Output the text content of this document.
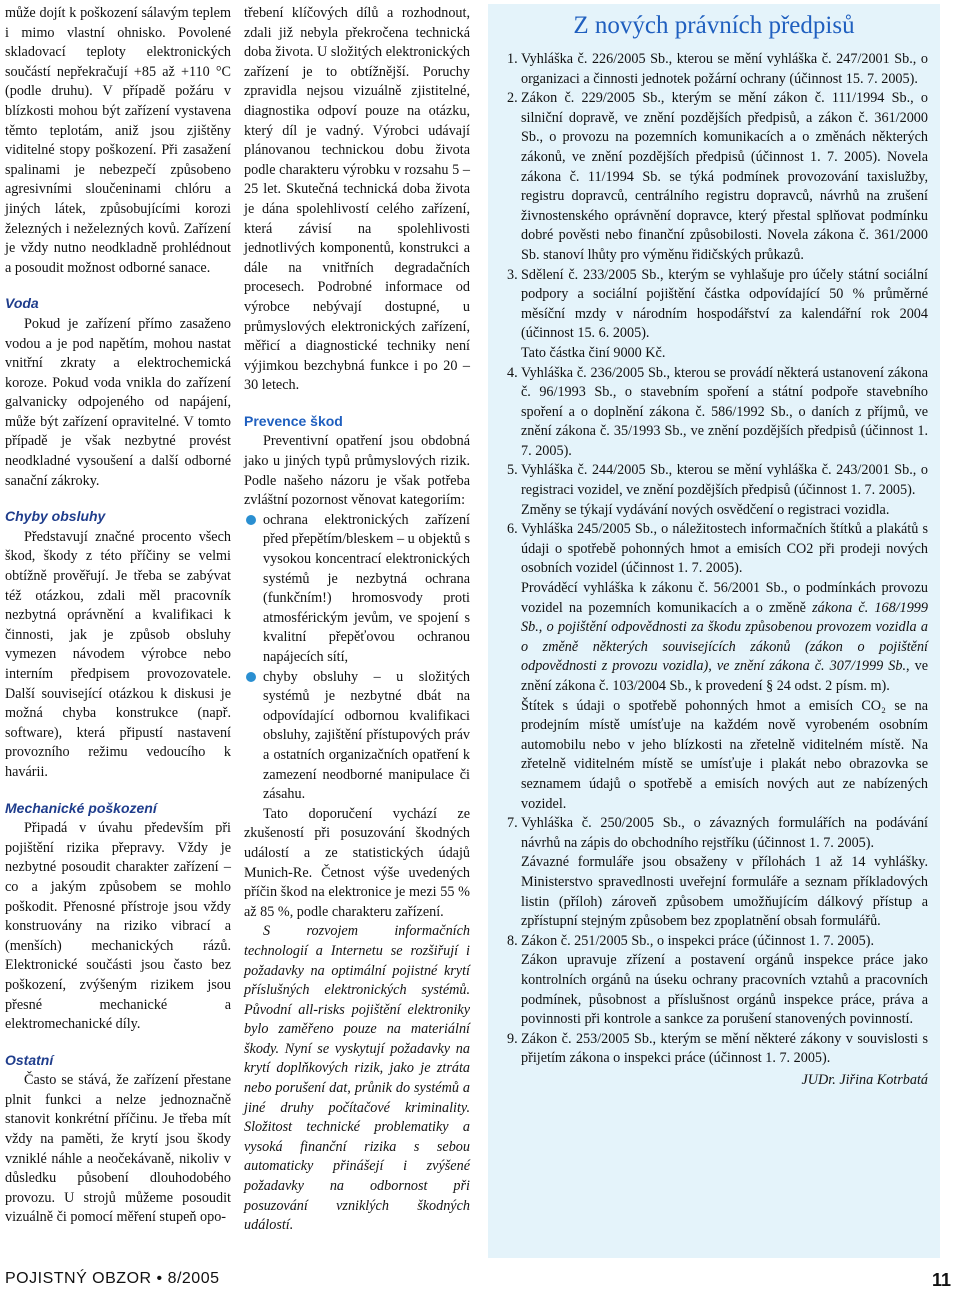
může dojít k poškození sálavým teplem i mimo vlastní ohnisko. Povolené skladovací teploty elektronických součástí nepřekračují +85 až +110 °C (podle druhu). V případě požáru v blízkosti mohou být zařízení vystavena těmto teplotám, aniž jsou zjištěny viditelné stopy poškození. Při zasažení spalinami je nebezpečí způsobeno agresivními sloučeninami chlóru a jiných látek, způsobujícími korozi železných i neželezných kovů. Zařízení je vždy nutno neodkladně prohlédnout a posoudit možnost odborné sanace.

Voda

Pokud je zařízení přímo zasaženo vodou a je pod napětím, mohou nastat vnitřní zkraty a elektrochemická koroze. Pokud voda vnikla do zařízení galvanicky odpojeného od napájení, může být zařízení opravitelné. V tomto případě je však nezbytné provést neodkladné vysoušení a další odborné sanační zákroky.

Chyby obsluhy

Představují značné procento všech škod, škody z této příčiny se velmi obtížně prověřují. Je třeba se zabývat též otázkou, zdali měl pracovník nezbytná oprávnění a kvalifikaci k činnosti, jak je způsob obsluhy vymezen návodem výrobce nebo interním předpisem provozovatele. Další související otázkou k diskusi je možná chyba konstrukce (např. software), která připustí nastavení provozního režimu vedoucího k havárii.

Mechanické poškození

Připadá v úvahu především při pojištění rizika přepravy. Vždy je nezbytné posoudit charakter zařízení – co a jakým způsobem se mohlo poškodit. Přenosné přístroje jsou vždy konstruovány na riziko vibrací a (menších) mechanických rázů. Elektronické součásti jsou často bez poškození, zvýšeným rizikem jsou přesné mechanické a elektromechanické díly.

Ostatní

Často se stává, že zařízení přestane plnit funkci a nelze jednoznačně stanovit konkrétní příčinu. Je třeba mít vždy na paměti, že krytí jsou škody vzniklé náhle a neočekávaně, nikoliv v důsledku působení dlouhodobého provozu. U strojů můžeme posoudit vizuálně či pomocí měření stupeň opo-

třebení klíčových dílů a rozhodnout, zdali již nebyla překročena technická doba života. U složitých elektronických zařízení je to obtížnější. Poruchy zpravidla nejsou vizuálně zjistitelné, diagnostika odpoví pouze na otázku, který díl je vadný. Výrobci udávají plánovanou technickou dobu života podle charakteru výrobku v rozsahu 5 – 25 let. Skutečná technická doba života je dána spolehlivostí celého zařízení, která závisí na spolehlivosti jednotlivých komponentů, konstrukci a dále na vnitřních degradačních procesech. Podrobné informace od výrobce nebývají dostupné, u průmyslových elektronických zařízení, měřicí a diagnostické techniky není výjimkou bezchybná funkce i po 20 – 30 letech.

Prevence škod

Preventivní opatření jsou obdobná jako u jiných typů průmyslových rizik. Podle našeho názoru je však potřeba zvláštní pozornost věnovat kategoriím:

ochrana elektronických zařízení před přepětím/bleskem – u objektů s vysokou koncentrací elektronických systémů je nezbytná ochrana (funkčním!) hromosvody proti atmosférickým jevům, ve spojení s kvalitní přepěťovou ochranou napájecích sítí,
chyby obsluhy – u složitých systémů je nezbytné dbát na odpovídající odbornou kvalifikaci obsluhy, zajištění přístupových práv a ostatních organizačních opatření k zamezení neodborné manipulace či zásahu.

Tato doporučení vychází ze zkušeností při posuzování škodných událostí a ze statistických údajů Munich-Re. Četnost výše uvedených příčin škod na elektronice je mezi 55 % až 85 %, podle charakteru zařízení.

S rozvojem informačních technologií a Internetu se rozšiřují i požadavky na optimální pojistné krytí příslušných elektronických systémů. Původní all-risks pojištění elektroniky bylo zaměřeno pouze na materiální škody. Nyní se vyskytují požadavky na krytí doplňkových rizik, jako je ztráta nebo porušení dat, průnik do systémů a jiné druhy počítačové kriminality. Složitost technické problematiky a vysoká finanční rizika s sebou automaticky přinášejí i zvýšené požadavky na odbornost při posuzování vzniklých škodných událostí.

Z nových právních předpisů
1. Vyhláška č. 226/2005 Sb., kterou se mění vyhláška č. 247/2001 Sb., o organizaci a činnosti jednotek požární ochrany (účinnost 15. 7. 2005).
2. Zákon č. 229/2005 Sb., kterým se mění zákon č. 111/1994 Sb., o silniční dopravě, ve znění pozdějších předpisů, a zákon č. 361/2000 Sb., o provozu na pozemních komunikacích a o změnách některých zákonů, ve znění pozdějších předpisů (účinnost 1. 7. 2005). Novela zákona č. 11/1994 Sb. se týká podmínek provozování taxislužby, registru dopravců, centrálního registru dopravců, návrhů na zrušení živnostenského oprávnění dopravce, který přestal splňovat podmínku dobré pověsti nebo finanční způsobilosti. Novela zákona č. 361/2000 Sb. stanoví lhůty pro výměnu řidičských průkazů.
3. Sdělení č. 233/2005 Sb., kterým se vyhlašuje pro účely státní sociální podpory a sociální pojištění částka odpovídající 50 % průměrné měsíční mzdy v národním hospodářství za kalendářní rok 2004 (účinnost 15. 6. 2005).
Tato částka činí 9000 Kč.
4. Vyhláška č. 236/2005 Sb., kterou se provádí některá ustanovení zákona č. 96/1993 Sb., o stavebním spoření a státní podpoře stavebního spoření a o doplnění zákona č. 586/1992 Sb., o daních z příjmů, ve znění zákona č. 35/1993 Sb., ve znění pozdějších předpisů (účinnost 1. 7. 2005).
5. Vyhláška č. 244/2005 Sb., kterou se mění vyhláška č. 243/2001 Sb., o registraci vozidel, ve znění pozdějších předpisů (účinnost 1. 7. 2005).
Změny se týkají vydávání nových osvědčení o registraci vozidla.
6. Vyhláška 245/2005 Sb., o náležitostech informačních štítků a plakátů s údaji o spotřebě pohonných hmot a emisích CO2 při prodeji nových osobních vozidel (účinnost 1. 7. 2005).
Prováděcí vyhláška k zákonu č. 56/2001 Sb., o podmínkách provozu vozidel na pozemních komunikacích a o změně zákona č. 168/1999 Sb., o pojištění odpovědnosti za škodu způsobenou provozem vozidla a o změně některých souvisejících zákonů (zákon o pojištění odpovědnosti z provozu vozidla), ve znění zákona č. 307/1999 Sb., ve znění zákona č. 103/2004 Sb., k provedení § 24 odst. 2 písm. m).
Štítek s údaji o spotřebě pohonných hmot a emisích CO₂ se na prodejním místě umísťuje na každém nově vyrobeném osobním automobilu nebo v jeho blízkosti na zřetelně viditelném místě. Na zřetelně viditelném místě se umísťuje i plakát nebo obrazovka se seznamem údajů o spotřebě a emisích nových aut ze nabízených vozidel.
7. Vyhláška č. 250/2005 Sb., o závazných formulářích na podávání návrhů na zápis do obchodního rejstříku (účinnost 1. 7. 2005).
Závazné formuláře jsou obsaženy v přílohách 1 až 14 vyhlášky. Ministerstvo spravedlnosti uveřejní formuláře a seznam příkladových listin (příloh) zároveň způsobem umožňujícím dálkový přístup a zpřístupní stejným způsobem bez zpoplatnění obsah formulářů.
8. Zákon č. 251/2005 Sb., o inspekci práce (účinnost 1. 7. 2005).
Zákon upravuje zřízení a postavení orgánů inspekce práce jako kontrolních orgánů na úseku ochrany pracovních vztahů a pracovních podmínek, působnost a příslušnost orgánů inspekce práce, práva a povinnosti při kontrole a sankce za porušení stanovených povinností.
9. Zákon č. 253/2005 Sb., kterým se mění některé zákony v souvislosti s přijetím zákona o inspekci práce (účinnost 1. 7. 2005).
JUDr. Jiřina Kotrbatá
POJISTNÝ OBZOR • 8/2005	11
